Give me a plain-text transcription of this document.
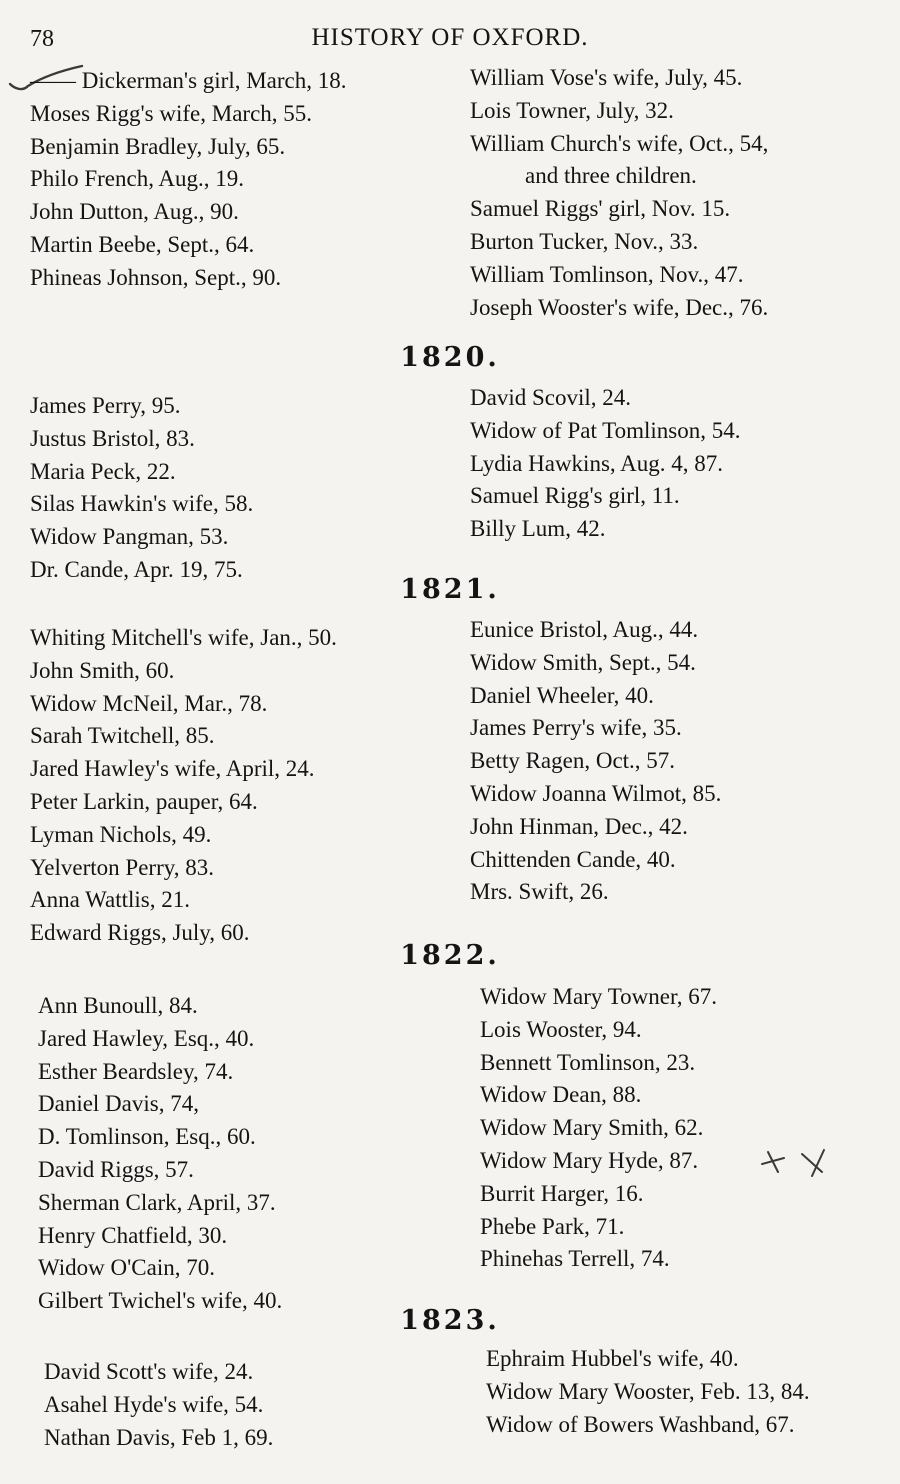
78	HISTORY OF OXFORD.
—— Dickerman's girl, March, 18.
Moses Rigg's wife, March, 55.
Benjamin Bradley, July, 65.
Philo French, Aug., 19.
John Dutton, Aug., 90.
Martin Beebe, Sept., 64.
Phineas Johnson, Sept., 90.
William Vose's wife, July, 45.
Lois Towner, July, 32.
William Church's wife, Oct., 54,
and three children.
Samuel Riggs' girl, Nov. 15.
Burton Tucker, Nov., 33.
William Tomlinson, Nov., 47.
Joseph Wooster's wife, Dec., 76.
1820.
James Perry, 95.
Justus Bristol, 83.
Maria Peck, 22.
Silas Hawkin's wife, 58.
Widow Pangman, 53.
Dr. Cande, Apr. 19, 75.
David Scovil, 24.
Widow of Pat Tomlinson, 54.
Lydia Hawkins, Aug. 4, 87.
Samuel Rigg's girl, 11.
Billy Lum, 42.
1821.
Whiting Mitchell's wife, Jan., 50.
John Smith, 60.
Widow McNeil, Mar., 78.
Sarah Twitchell, 85.
Jared Hawley's wife, April, 24.
Peter Larkin, pauper, 64.
Lyman Nichols, 49.
Yelverton Perry, 83.
Anna Wattlis, 21.
Edward Riggs, July, 60.
Eunice Bristol, Aug., 44.
Widow Smith, Sept., 54.
Daniel Wheeler, 40.
James Perry's wife, 35.
Betty Ragen, Oct., 57.
Widow Joanna Wilmot, 85.
John Hinman, Dec., 42.
Chittenden Cande, 40.
Mrs. Swift, 26.
1822.
Ann Bunoull, 84.
Jared Hawley, Esq., 40.
Esther Beardsley, 74.
Daniel Davis, 74,
D. Tomlinson, Esq., 60.
David Riggs, 57.
Sherman Clark, April, 37.
Henry Chatfield, 30.
Widow O'Cain, 70.
Gilbert Twichel's wife, 40.
Widow Mary Towner, 67.
Lois Wooster, 94.
Bennett Tomlinson, 23.
Widow Dean, 88.
Widow Mary Smith, 62.
Widow Mary Hyde, 87.
Burrit Harger, 16.
Phebe Park, 71.
Phinehas Terrell, 74.
1823.
David Scott's wife, 24.
Asahel Hyde's wife, 54.
Nathan Davis, Feb 1, 69.
Ephraim Hubbel's wife, 40.
Widow Mary Wooster, Feb. 13, 84.
Widow of Bowers Washband, 67.
